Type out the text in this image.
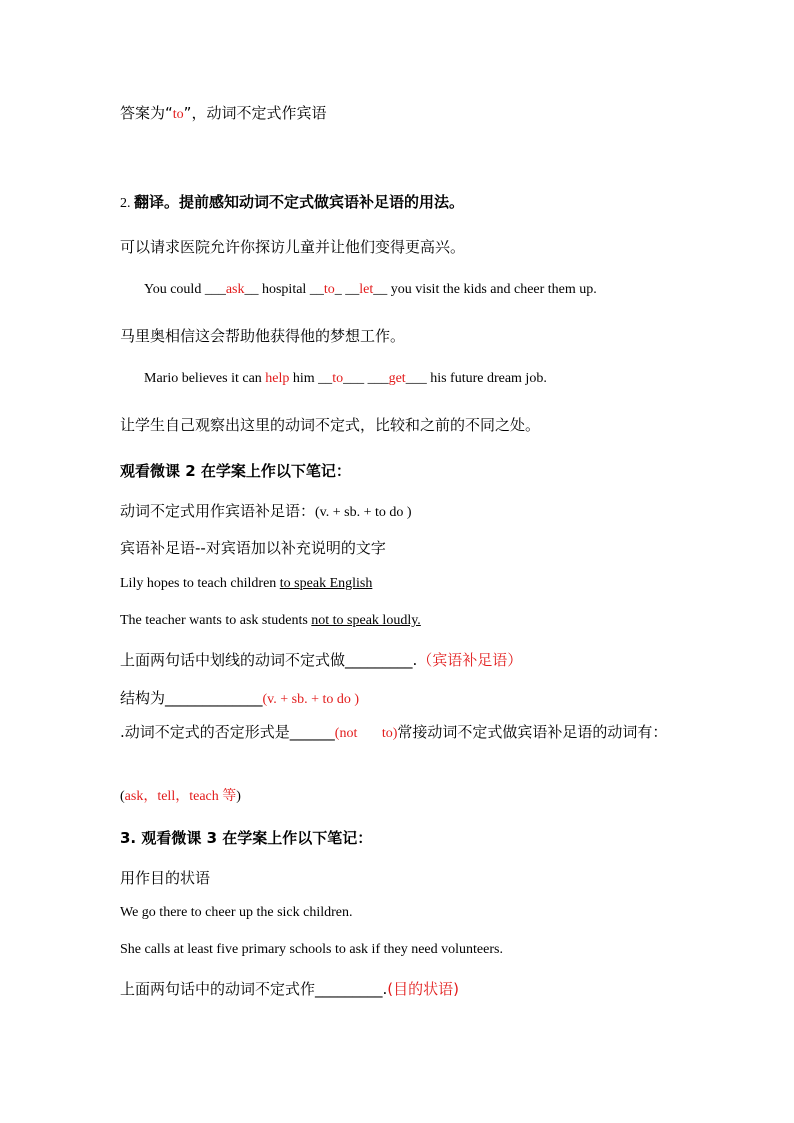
答案为“to”，动词不定式作宾语
2. 翻译。提前感知动词不定式做宾语补足语的用法。
可以请求医院允许你探访儿童并让他们变得更高兴。
You could ___ask__ hospital __to_ __let__ you visit the kids and cheer them up.
马里奥相信这会帮助他获得他的梦想工作。
Mario believes it can help him __to___ ___get___ his future dream job.
让学生自己观察出这里的动词不定式，比较和之前的不同之处。
观看微课 2 在学案上作以下笔记：
动词不定式用作宾语补足语：(v. + sb. + to do )
宾语补足语--对宾语加以补充说明的文字
Lily hopes to teach children to speak English
The teacher wants to ask students not to speak loudly.
上面两句话中划线的动词不定式做_________.（宾语补足语）
结构为_____________(v. + sb. + to do )
.动词不定式的否定形式是______(not       to)常接动词不定式做宾语补足语的动词有：
(ask，tell，teach 等)
3. 观看微课 3 在学案上作以下笔记：
用作目的状语
We go there to cheer up the sick children.
She calls at least five primary schools to ask if they need volunteers.
上面两句话中的动词不定式作_________.(目的状语)
